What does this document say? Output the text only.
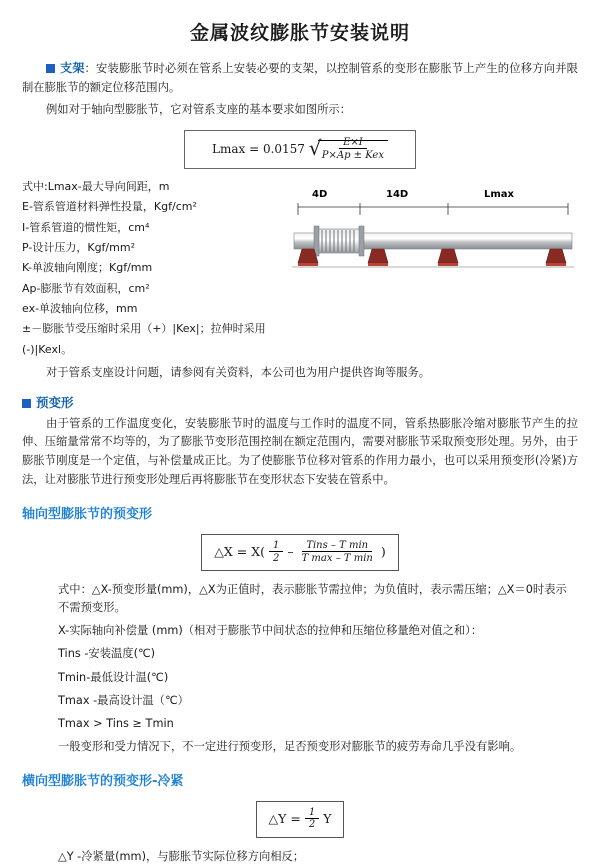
金属波纹膨胀节安装说明

支架：安装膨胀节时必须在管系上安装必要的支架，以控制管系的变形在膨胀节上产生的位移方向并限制在膨胀节的额定位移范围内。

例如对于轴向型膨胀节，它对管系支座的基本要求如图所示：

Lmax = 0.0157 √ $\frac{E\times I}{\text{P×Ap ± Kex}}$
式中:Lmax-最大导向间距，m
E-管系管道材料弹性投量，Kgf/cm²
I-管系管道的惯性矩，cm⁴
P-设计压力，Kgf/mm²
K-单波轴向刚度；Kgf/mm
Ap-膨胀节有效面积，cm²
ex-单波轴向位移，mm
±－膨胀节受压缩时采用（+）|Kex|；拉伸时采用(-)|Kexl。
4D	14D	Lmax

对于管系支座设计问题，请参阅有关资料，本公司也为用户提供咨询等服务。

预变形

由于管系的工作温度变化，安装膨胀节时的温度与工作时的温度不同，管系热膨胀冷缩对膨胀节产生的拉伸、压缩量常常不均等的，为了膨胀节变形范围控制在额定范围内，需要对膨胀节采取预变形处理。另外，由于膨胀节刚度是一个定值，与补偿量成正比。为了使膨胀节位移对管系的作用力最小，也可以采用预变形(冷紧)方法，让对膨胀节进行预变形处理后再将膨胀节在变形状态下安装在管系中。

轴向型膨胀节的预变形
△X = $X( \frac{1}{2} - \frac{\text{Tins – T min}}{\text{T max – T min}}$ )
式中：△X-预变形量(mm)，△X为正值时，表示膨胀节需拉伸；为负值时，表示需压缩；△X＝0时表示不需预变形。
X-实际轴向补偿量 (mm)（相对于膨胀节中间状态的拉伸和压缩位移量绝对值之和）：
Tins -安装温度(℃)
Tmin-最低设计温(℃)
Tmax -最高设计温（℃）
Tmax > Tins ≥ Tmin
一般变形和受力情况下，不一定进行预变形，足否预变形对膨胀节的疲劳寿命几乎没有影响。
横向型膨胀节的预变形-冷紧
△Y = $\frac{1}{2}$ Y
△Y -冷紧量(mm)，与膨胀节实际位移方向相反；
